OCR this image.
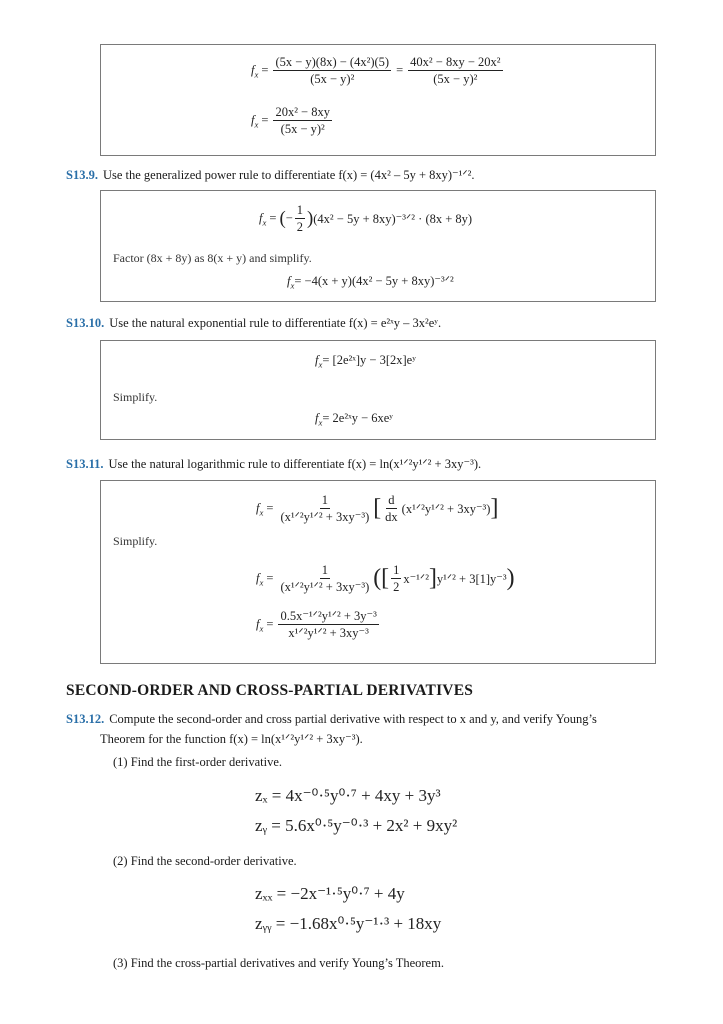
$f_x = \frac{\text{(5x − y)(8x) − (4x²)(5)}}{\text{(5x − y)²}} = \frac{\text{40x² − 8xy − 20x²}}{\text{(5x − y)²}}$
$f_x = \frac{\text{20x² − 8xy}}{\text{(5x − y)²}}$
S13.9. Use the generalized power rule to differentiate f(x) = (4x² – 5y + 8xy)⁻¹ᐟ².
$f_x$ = ( − $\frac{1}{2}$ ) (4x² − 5y + 8xy)⁻³ᐟ² · (8x + 8y)
Factor (8x + 8y) as 8(x + y) and simplify.
$f_x = -4(x + y)(4x^2 - 5y$ + 8xy)⁻³ᐟ²
S13.10. Use the natural exponential rule to differentiate f(x) = e²ˣy – 3x²eʸ.
$f_x$ = [2e²ˣ]y − 3[2x]eʸ
Simplify.
$f_x$ = 2e²ˣy − 6xeʸ
S13.11. Use the natural logarithmic rule to differentiate f(x) = ln(x¹ᐟ²y¹ᐟ² + 3xy⁻³).
$f_x = \frac{1}{\text{(x¹ᐟ²y¹ᐟ² + 3xy⁻³)}}$ [ $\frac{d}{dx}$ (x¹ᐟ²y¹ᐟ² + 3xy⁻³) ]
Simplify.
$f_x = \frac{1}{\text{(x¹ᐟ²y¹ᐟ² + 3xy⁻³)}}$ ( [ $\frac{1}{2}$ x⁻¹ᐟ² ] y¹ᐟ² + 3[1]y⁻³ )
$f_x = \frac{\text{0.5x⁻¹ᐟ²y¹ᐟ² + 3y⁻³}}{\text{x¹ᐟ²y¹ᐟ² + 3xy⁻³}}$
SECOND-ORDER AND CROSS-PARTIAL DERIVATIVES
S13.12. Compute the second-order and cross partial derivative with respect to x and y, and verify Young’s
Theorem for the function f(x) = ln(x¹ᐟ²y¹ᐟ² + 3xy⁻³).
(1) Find the first-order derivative.
zₓ = 4x⁻⁰·⁵y⁰·⁷ + 4xy + 3y³
zᵧ = 5.6x⁰·⁵y⁻⁰·³ + 2x² + 9xy²
(2) Find the second-order derivative.
zₓₓ = −2x⁻¹·⁵y⁰·⁷ + 4y
zᵧᵧ = −1.68x⁰·⁵y⁻¹·³ + 18xy
(3) Find the cross-partial derivatives and verify Young’s Theorem.
